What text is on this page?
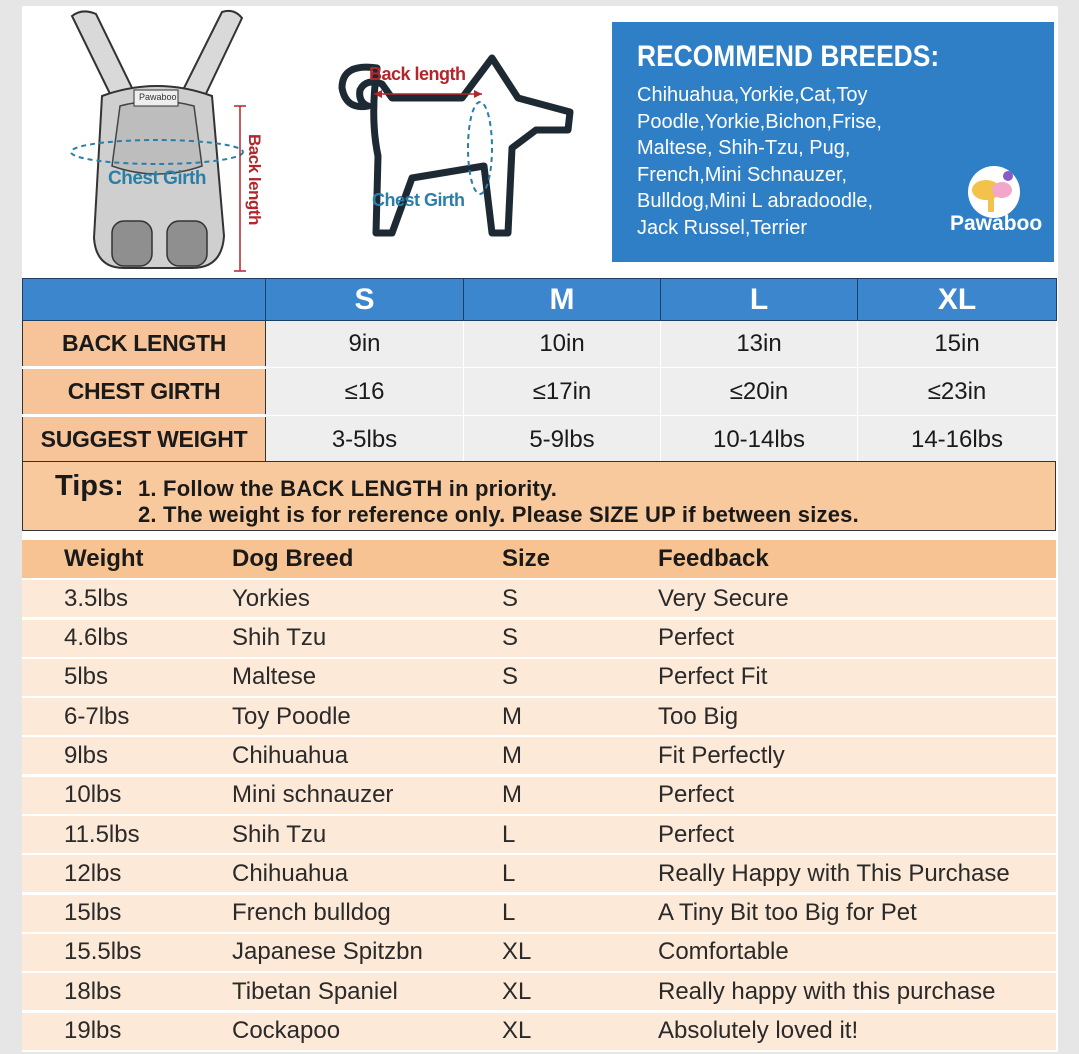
Chest Girth Back length
Pawaboo
Back length
Chest Girth
RECOMMEND BREEDS:
Chihuahua,Yorkie,Cat,Toy
Poodle,Yorkie,Bichon,Frise,
Maltese, Shih-Tzu, Pug,
French,Mini Schnauzer,
Bulldog,Mini L abradoodle,
Jack Russel,Terrier	Pawaboo
	S	M	L	XL
BACK LENGTH	9in	10in	13in	15in
CHEST GIRTH	≤16	≤17in	≤20in	≤23in
SUGGEST WEIGHT	3-5lbs	5-9lbs	10-14lbs	14-16lbs
Tips: 1. Follow the BACK LENGTH in priority.
2. The weight is for reference only. Please SIZE UP if between sizes.
Weight	Dog Breed	Size	Feedback
3.5lbs	Yorkies	S	Very Secure
4.6lbs	Shih Tzu	S	Perfect
5lbs	Maltese	S	Perfect Fit
6-7lbs	Toy Poodle	M	Too Big
9lbs	Chihuahua	M	Fit Perfectly
10lbs	Mini schnauzer	M	Perfect
11.5lbs	Shih Tzu	L	Perfect
12lbs	Chihuahua	L	Really Happy with This Purchase
15lbs	French bulldog	L	A Tiny Bit too Big for Pet
15.5lbs	Japanese Spitzbn	XL	Comfortable
18lbs	Tibetan Spaniel	XL	Really happy with this purchase
19lbs	Cockapoo	XL	Absolutely loved it!
